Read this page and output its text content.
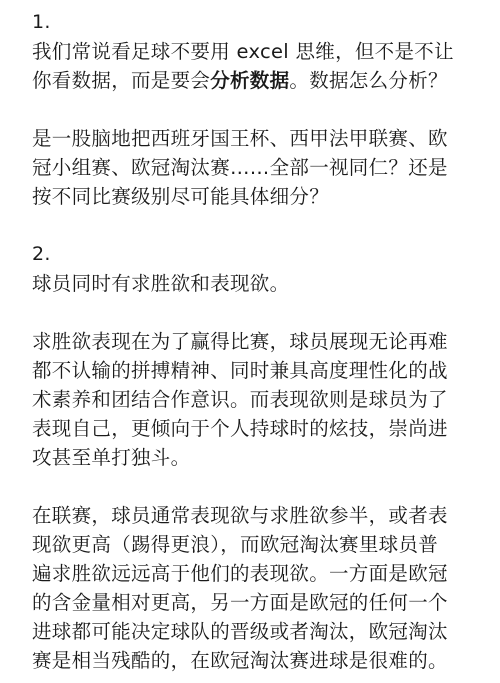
1.
我们常说看足球不要用 excel 思维，但不是不让
你看数据，而是要会分析数据。数据怎么分析？
是一股脑地把西班牙国王杯、西甲法甲联赛、欧
冠小组赛、欧冠淘汰赛……全部一视同仁？还是
按不同比赛级别尽可能具体细分？
2.
球员同时有求胜欲和表现欲。
求胜欲表现在为了赢得比赛，球员展现无论再难
都不认输的拼搏精神、同时兼具高度理性化的战
术素养和团结合作意识。而表现欲则是球员为了
表现自己，更倾向于个人持球时的炫技，崇尚进
攻甚至单打独斗。
在联赛，球员通常表现欲与求胜欲参半，或者表
现欲更高（踢得更浪），而欧冠淘汰赛里球员普
遍求胜欲远远高于他们的表现欲。一方面是欧冠
的含金量相对更高，另一方面是欧冠的任何一个
进球都可能决定球队的晋级或者淘汰，欧冠淘汰
赛是相当残酷的，在欧冠淘汰赛进球是很难的。
